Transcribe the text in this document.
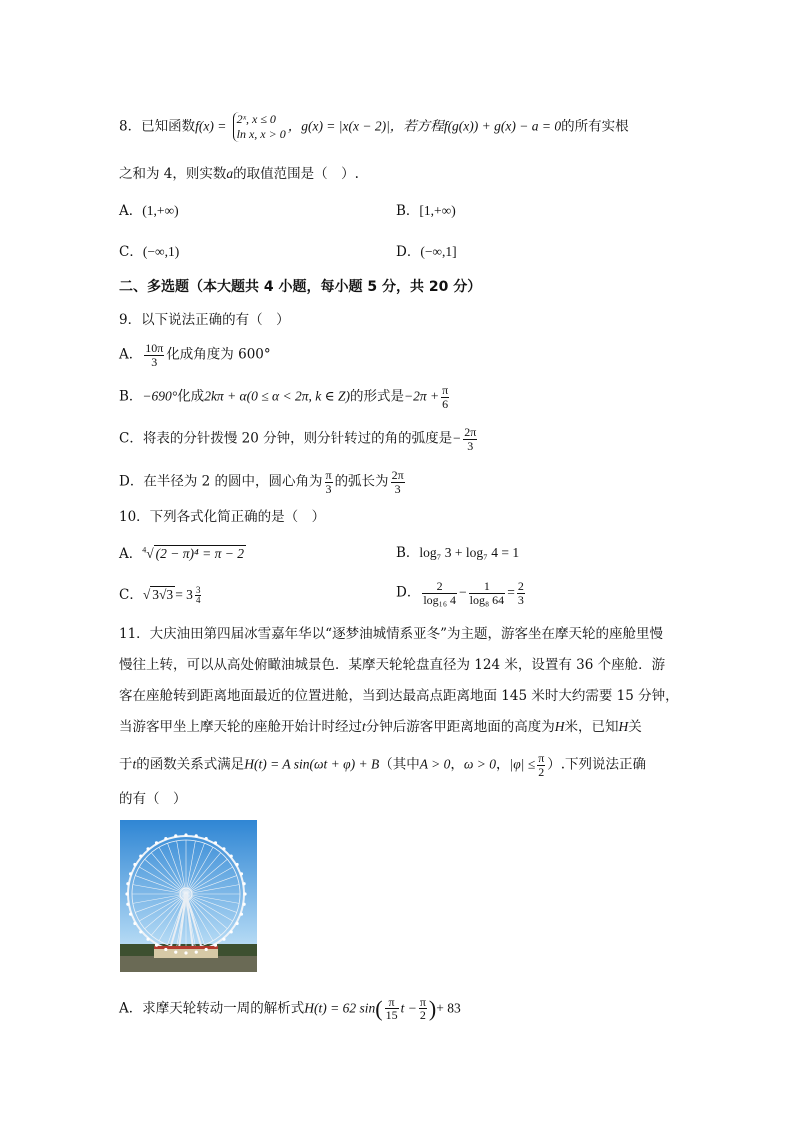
8．已知函数f(x) = 2ˣ, x ≤ 0
ln x, x > 0
，g(x) = |x(x − 2)|，若方程f(g(x)) + g(x) − a = 0的所有实根
之和为 4，则实数a的取值范围是（　）.
A．(1,+∞)	B．[1,+∞)
C．(−∞,1)	D．(−∞,1]
二、多选题（本大题共 4 小题，每小题 5 分，共 20 分）
9．以下说法正确的有（　）
A． $\frac{10\pi}{3}$ 化成角度为 600°
B．−690°化成2kπ + α(0 ≤ α < 2π, k ∈ Z)的形式是$-2\pi + \frac{\pi}{6}$
C．将表的分针拨慢 20 分钟，则分针转过的角的弧度是− $\frac{2\pi}{3}$
D．在半径为 2 的圆中，圆心角为 $\frac{\pi}{3}$ 的弧长为 $\frac{2\pi}{3}$
10．下列各式化简正确的是（　）
A．$^4$√ (2 − π)⁴ = π − 2	B．log₇ 3 + log₇ 4 = 1
C．√ $3√3 = 3 \frac{3}{4}$	D． $\frac{2}{\text{log₁₆ 4}} - \frac{1}{\text{log₈ 64}} = \frac{2}{3}$
11．大庆油田第四届冰雪嘉年华以“逐梦油城情系亚冬”为主题，游客坐在摩天轮的座舱里慢
慢往上转，可以从高处俯瞰油城景色．某摩天轮轮盘直径为 124 米，设置有 36 个座舱．游
客在座舱转到距离地面最近的位置进舱，当到达最高点距离地面 145 米时大约需要 15 分钟，
当游客甲坐上摩天轮的座舱开始计时经过t分钟后游客甲距离地面的高度为H米，已知H关
于t的函数关系式满足H(t) = A sin(ωt + φ) + B（其中A > 0，ω > 0，$|\varphi| \le \frac{\pi}{2}$ ）.下列说法正确
的有（　）
A．求摩天轮转动一周的解析式H(t) = 62 $\sin( \frac{\pi}{15}$ $t - \frac{\pi}{2}$ )+ 83
